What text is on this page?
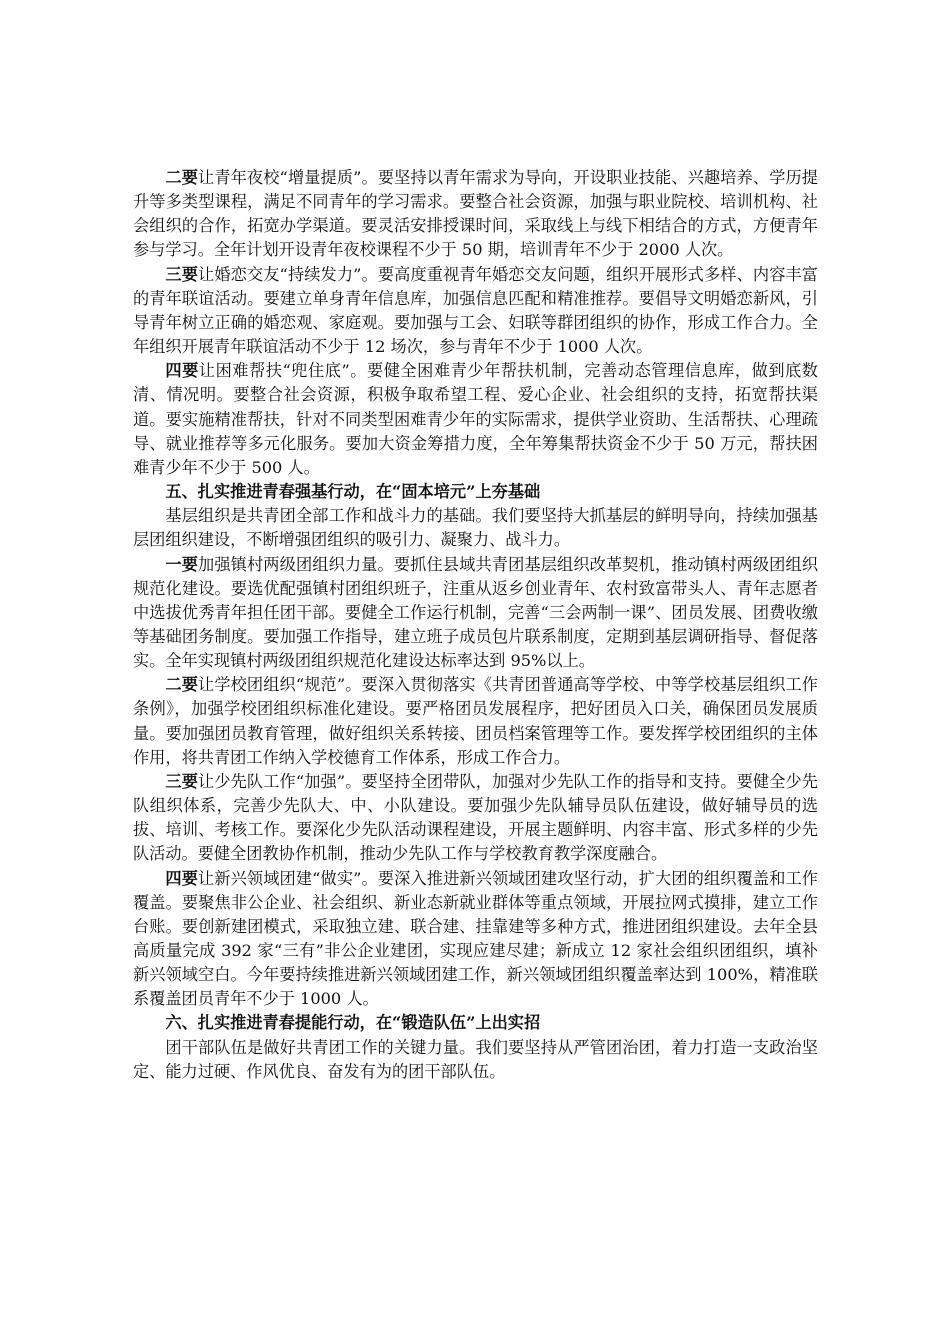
二要让青年夜校“增量提质”。要坚持以青年需求为导向，开设职业技能、兴趣培养、学历提升等多类型课程，满足不同青年的学习需求。要整合社会资源，加强与职业院校、培训机构、社会组织的合作，拓宽办学渠道。要灵活安排授课时间，采取线上与线下相结合的方式，方便青年参与学习。全年计划开设青年夜校课程不少于 50 期，培训青年不少于 2000 人次。

三要让婚恋交友“持续发力”。要高度重视青年婚恋交友问题，组织开展形式多样、内容丰富的青年联谊活动。要建立单身青年信息库，加强信息匹配和精准推荐。要倡导文明婚恋新风，引导青年树立正确的婚恋观、家庭观。要加强与工会、妇联等群团组织的协作，形成工作合力。全年组织开展青年联谊活动不少于 12 场次，参与青年不少于 1000 人次。

四要让困难帮扶“兜住底”。要健全困难青少年帮扶机制，完善动态管理信息库，做到底数清、情况明。要整合社会资源，积极争取希望工程、爱心企业、社会组织的支持，拓宽帮扶渠道。要实施精准帮扶，针对不同类型困难青少年的实际需求，提供学业资助、生活帮扶、心理疏导、就业推荐等多元化服务。要加大资金筹措力度，全年筹集帮扶资金不少于 50 万元，帮扶困难青少年不少于 500 人。

五、扎实推进青春强基行动，在“固本培元”上夯基础

基层组织是共青团全部工作和战斗力的基础。我们要坚持大抓基层的鲜明导向，持续加强基层团组织建设，不断增强团组织的吸引力、凝聚力、战斗力。

一要加强镇村两级团组织力量。要抓住县域共青团基层组织改革契机，推动镇村两级团组织规范化建设。要选优配强镇村团组织班子，注重从返乡创业青年、农村致富带头人、青年志愿者中选拔优秀青年担任团干部。要健全工作运行机制，完善“三会两制一课”、团员发展、团费收缴等基础团务制度。要加强工作指导，建立班子成员包片联系制度，定期到基层调研指导、督促落实。全年实现镇村两级团组织规范化建设达标率达到 95%以上。

二要让学校团组织“规范”。要深入贯彻落实《共青团普通高等学校、中等学校基层组织工作条例》，加强学校团组织标准化建设。要严格团员发展程序，把好团员入口关，确保团员发展质量。要加强团员教育管理，做好组织关系转接、团员档案管理等工作。要发挥学校团组织的主体作用，将共青团工作纳入学校德育工作体系，形成工作合力。

三要让少先队工作“加强”。要坚持全团带队，加强对少先队工作的指导和支持。要健全少先队组织体系，完善少先队大、中、小队建设。要加强少先队辅导员队伍建设，做好辅导员的选拔、培训、考核工作。要深化少先队活动课程建设，开展主题鲜明、内容丰富、形式多样的少先队活动。要健全团教协作机制，推动少先队工作与学校教育教学深度融合。

四要让新兴领域团建“做实”。要深入推进新兴领域团建攻坚行动，扩大团的组织覆盖和工作覆盖。要聚焦非公企业、社会组织、新业态新就业群体等重点领域，开展拉网式摸排，建立工作台账。要创新建团模式，采取独立建、联合建、挂靠建等多种方式，推进团组织建设。去年全县高质量完成 392 家“三有”非公企业建团，实现应建尽建；新成立 12 家社会组织团组织，填补新兴领域空白。今年要持续推进新兴领域团建工作，新兴领域团组织覆盖率达到 100%，精准联系覆盖团员青年不少于 1000 人。

六、扎实推进青春提能行动，在“锻造队伍”上出实招

团干部队伍是做好共青团工作的关键力量。我们要坚持从严管团治团，着力打造一支政治坚定、能力过硬、作风优良、奋发有为的团干部队伍。
